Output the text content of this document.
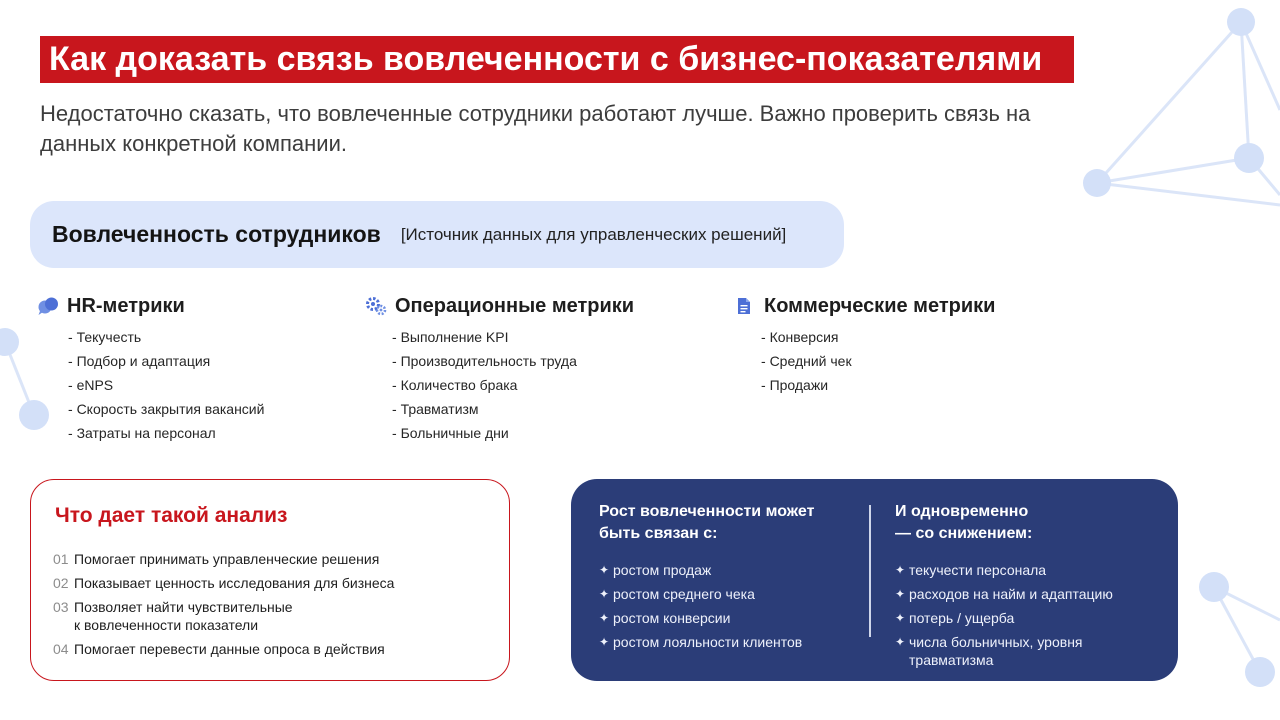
Как доказать связь вовлеченности с бизнес-показателями
Недостаточно сказать, что вовлеченные сотрудники работают лучше. Важно проверить связь на данных конкретной компании.
Вовлеченность сотрудников [Источник данных для управленческих решений]
HR-метрики
- Текучесть
- Подбор и адаптация
- eNPS
- Скорость закрытия вакансий
- Затраты на персонал
Операционные метрики
- Выполнение KPI
- Производительность труда
- Количество брака
- Травматизм
- Больничные дни
Коммерческие метрики
- Конверсия
- Средний чек
- Продажи
Что дает такой анализ
01 Помогает принимать управленческие решения
02 Показывает ценность исследования для бизнеса
03 Позволяет найти чувствительные
к вовлеченности показатели
04 Помогает перевести данные опроса в действия
Рост вовлеченности может
быть связан с:
✦ ростом продаж
✦ ростом среднего чека
✦ ростом конверсии
✦ ростом лояльности клиентов
И одновременно
— со снижением:
✦ текучести персонала
✦ расходов на найм и адаптацию
✦ потерь / ущерба
✦ числа больничных, уровня
травматизма
